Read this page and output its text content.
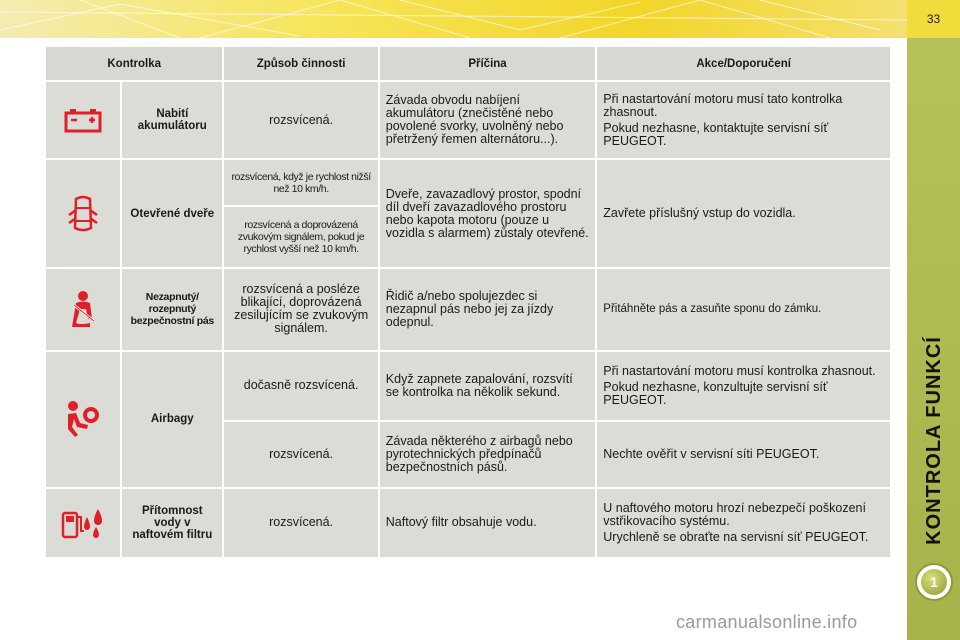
33
KONTROLA FUNKCÍ
1
Kontrolka		Způsob činnosti	Příčina	Akce/Doporučení
	Nabití akumulátoru	rozsvícená.	Závada obvodu nabíjení akumulátoru (znečistěné nebo povolené svorky, uvolněný nebo přetržený řemen alternátoru...).	Při nastartování motoru musí tato kontrolka zhasnout.

Pokud nezhasne, kontaktujte servisní síť PEUGEOT.

	Otevřené dveře	rozsvícená, když je rychlost nižší než 10 km/h.	Dveře, zavazadlový prostor, spodní díl dveří zavazadlového prostoru nebo kapota motoru (pouze u vozidla s alarmem) zůstaly otevřené.	Zavřete příslušný vstup do vozidla.
		rozsvícená a doprovázená zvukovým signálem, pokud je rychlost vyšší než 10 km/h.		
	Nezapnutý/ rozepnutý bezpečnostní pás	rozsvícená a posléze blikající, doprovázená zesilujícím se zvukovým signálem.	Řidič a/nebo spolujezdec si nezapnul pás nebo jej za jízdy odepnul.	Přitáhněte pás a zasuňte sponu do zámku.
	Airbagy	dočasně rozsvícená.	Když zapnete zapalování, rozsvítí se kontrolka na několik sekund.	Při nastartování motoru musí kontrolka zhasnout.

Pokud nezhasne, konzultujte servisní síť PEUGEOT.

		rozsvícená.	Závada některého z airbagů nebo pyrotechnických předpínačů bezpečnostních pásů.	Nechte ověřit v servisní síti PEUGEOT.
	Přítomnost vody v naftovém filtru	rozsvícená.	Naftový filtr obsahuje vodu.	U naftového motoru hrozí nebezpečí poškození vstřikovacího systému.

Urychleně se obraťte na servisní síť PEUGEOT.

carmanualsonline.info
